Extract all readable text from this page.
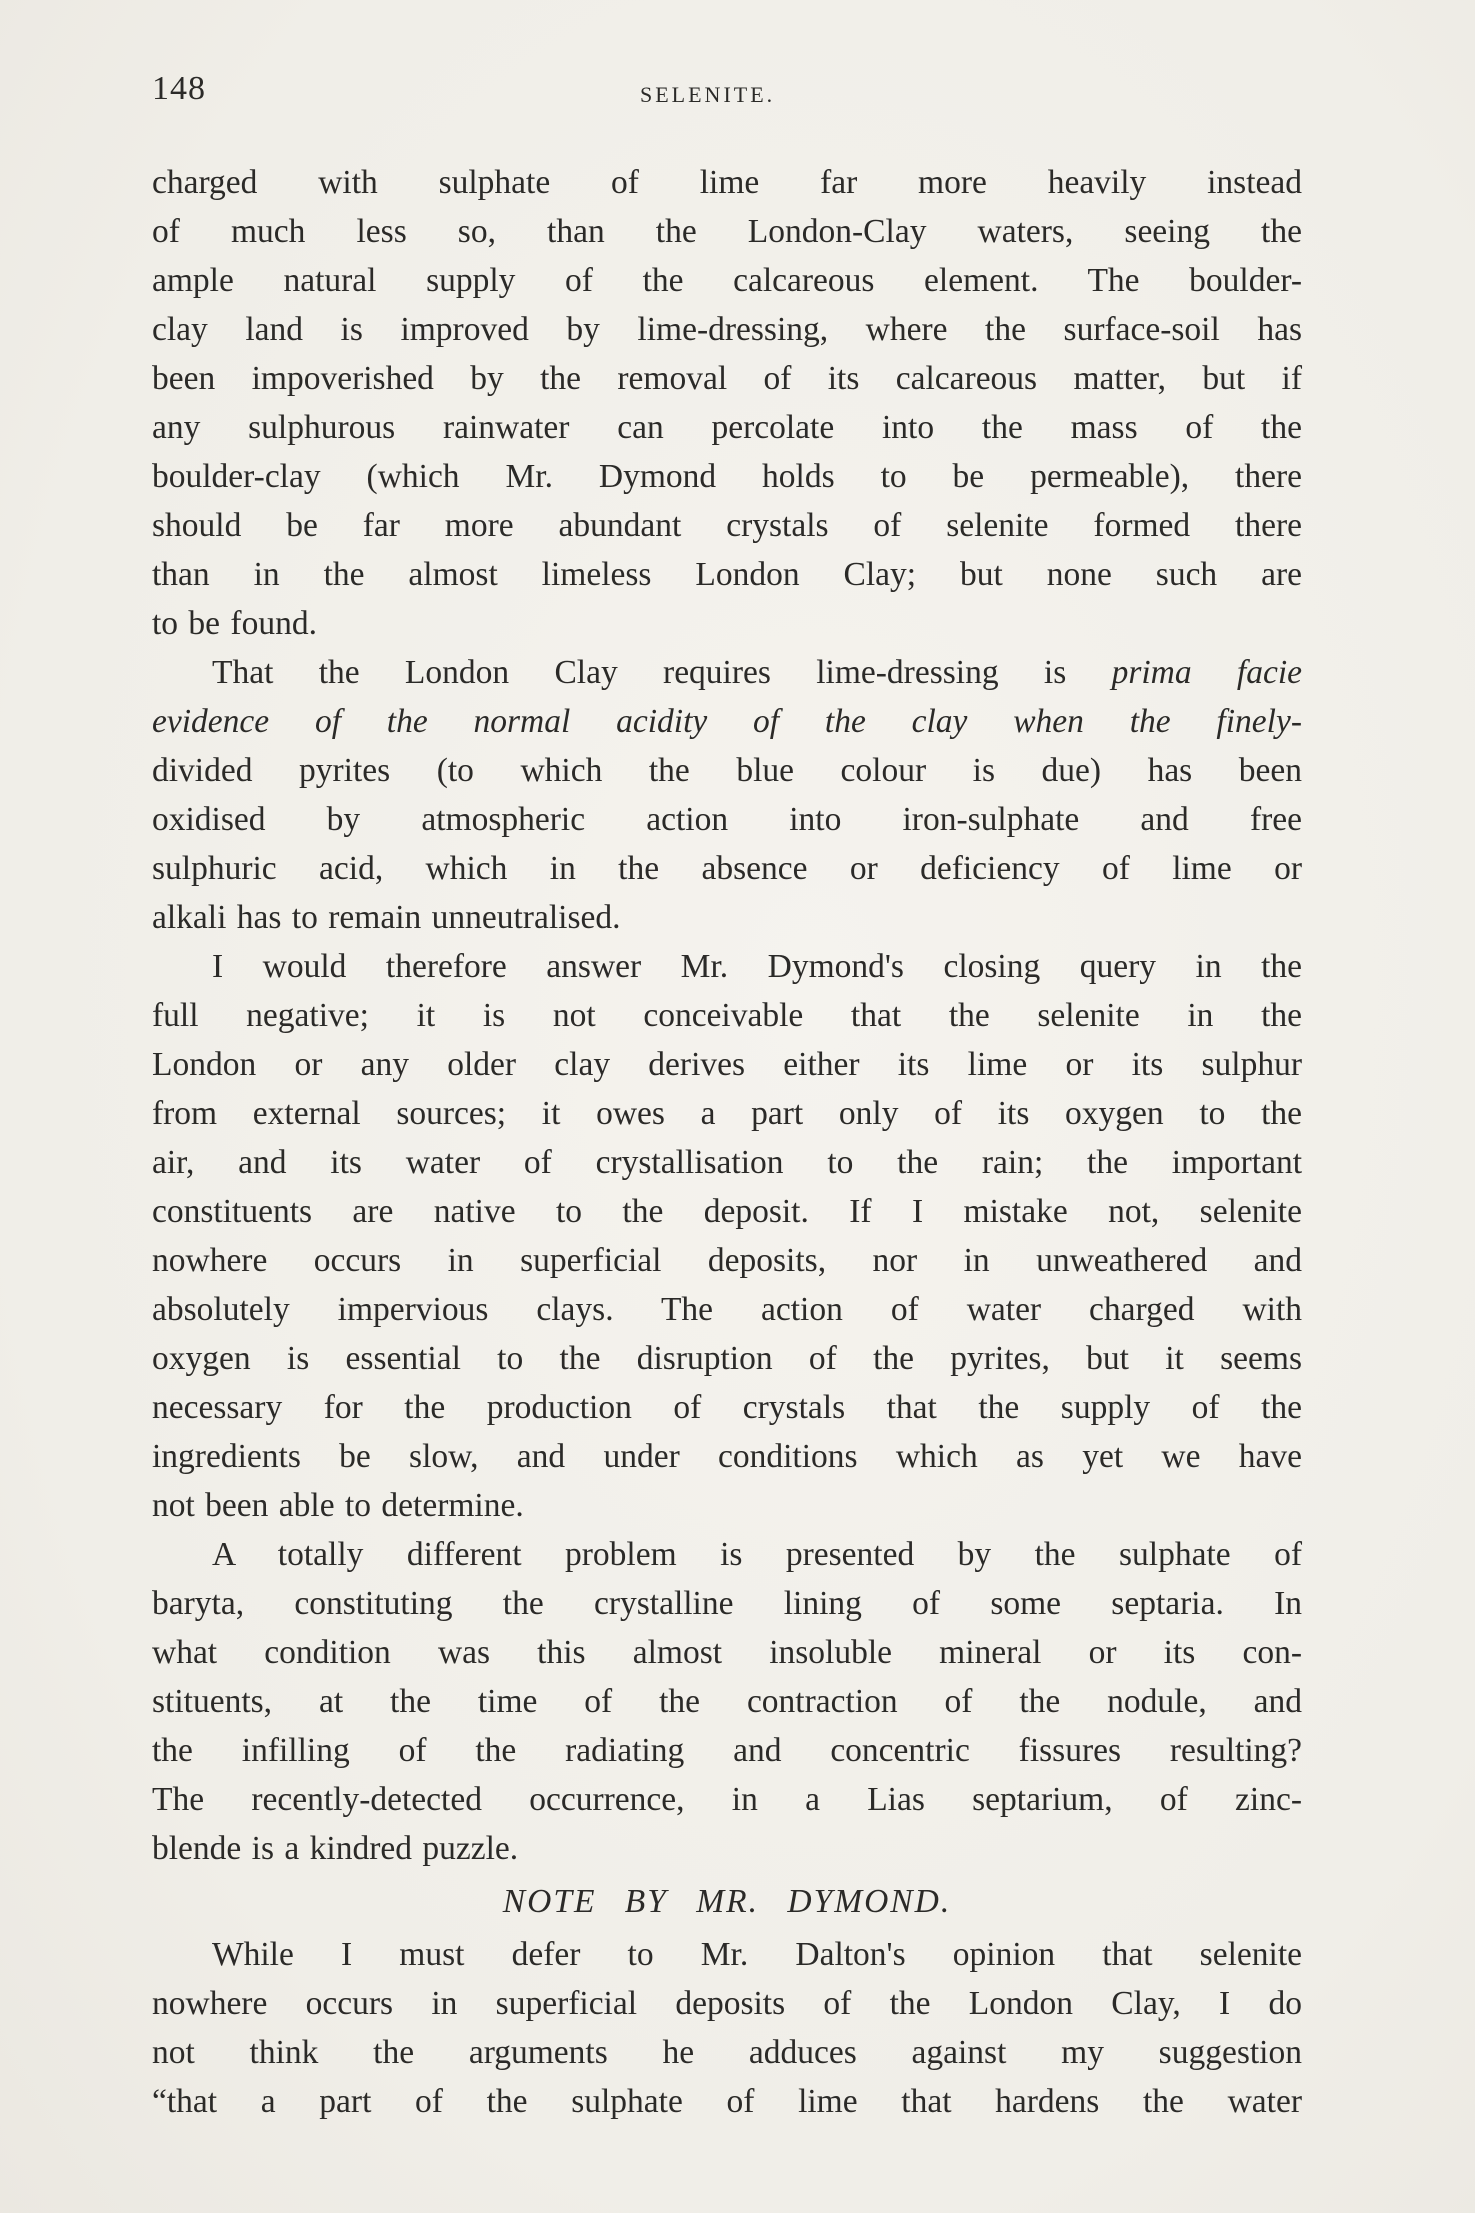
148	SELENITE.
charged with sulphate of lime far more heavily instead
of much less so, than the London-Clay waters, seeing the
ample natural supply of the calcareous element. The boulder-
clay land is improved by lime-dressing, where the surface-soil has
been impoverished by the removal of its calcareous matter, but if
any sulphurous rainwater can percolate into the mass of the
boulder-clay (which Mr. Dymond holds to be permeable), there
should be far more abundant crystals of selenite formed there
than in the almost limeless London Clay; but none such are
to be found.
That the London Clay requires lime-dressing is prima facie
evidence of the normal acidity of the clay when the finely-
divided pyrites (to which the blue colour is due) has been
oxidised by atmospheric action into iron-sulphate and free
sulphuric acid, which in the absence or deficiency of lime or
alkali has to remain unneutralised.
I would therefore answer Mr. Dymond's closing query in the
full negative; it is not conceivable that the selenite in the
London or any older clay derives either its lime or its sulphur
from external sources; it owes a part only of its oxygen to the
air, and its water of crystallisation to the rain; the important
constituents are native to the deposit. If I mistake not, selenite
nowhere occurs in superficial deposits, nor in unweathered and
absolutely impervious clays. The action of water charged with
oxygen is essential to the disruption of the pyrites, but it seems
necessary for the production of crystals that the supply of the
ingredients be slow, and under conditions which as yet we have
not been able to determine.
A totally different problem is presented by the sulphate of
baryta, constituting the crystalline lining of some septaria. In
what condition was this almost insoluble mineral or its con-
stituents, at the time of the contraction of the nodule, and
the infilling of the radiating and concentric fissures resulting?
The recently-detected occurrence, in a Lias septarium, of zinc-
blende is a kindred puzzle.
NOTE BY MR. DYMOND.
While I must defer to Mr. Dalton's opinion that selenite
nowhere occurs in superficial deposits of the London Clay, I do
not think the arguments he adduces against my suggestion
“that a part of the sulphate of lime that hardens the water
